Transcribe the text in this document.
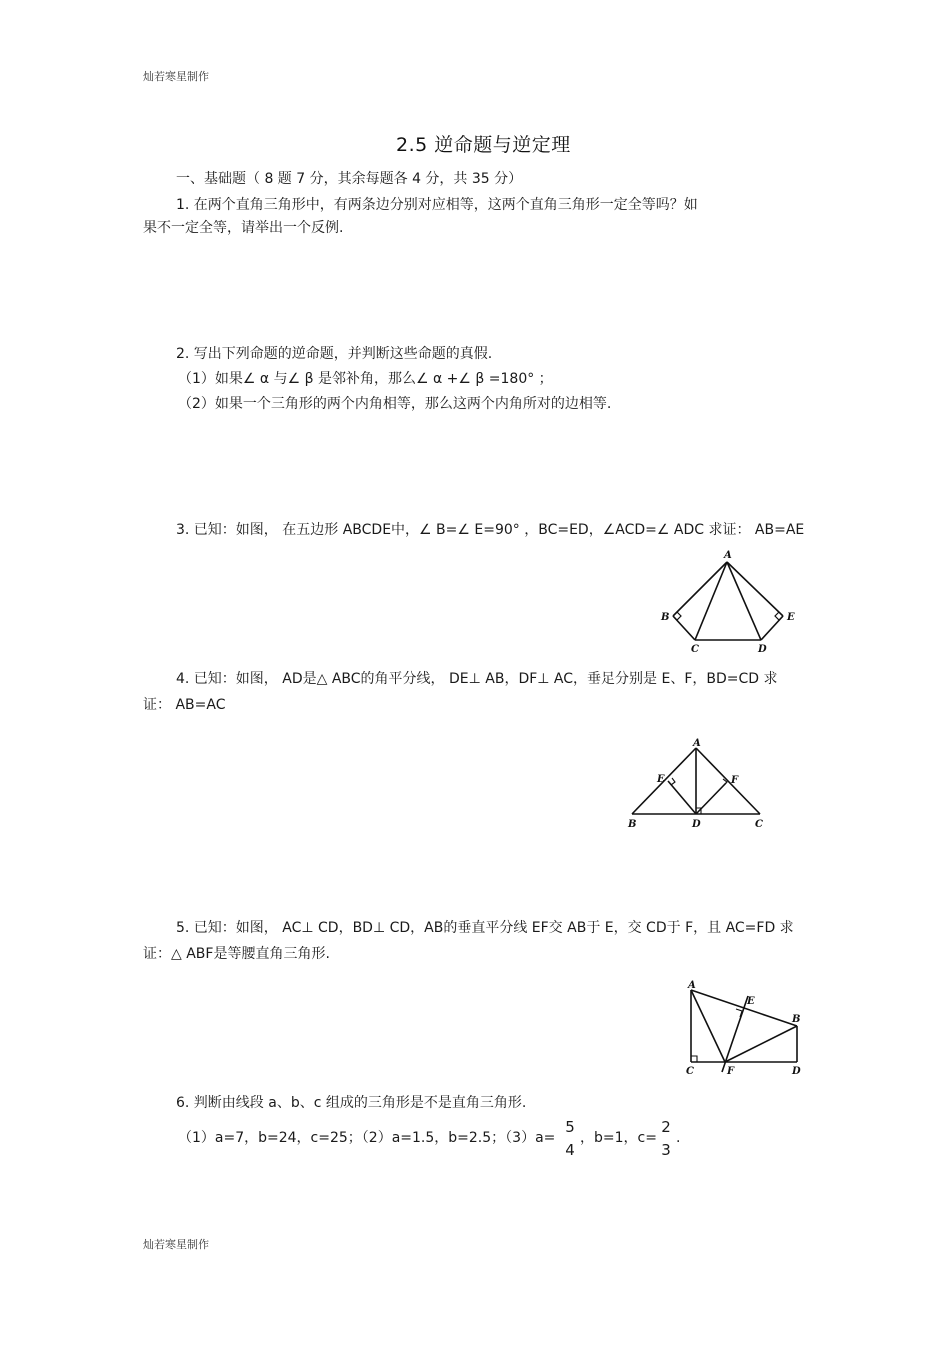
灿若寒星制作
灿若寒星制作
2.5 逆命题与逆定理
一、基础题（ 8 题 7 分，其余每题各 4 分，共 35 分）
1. 在两个直角三角形中，有两条边分别对应相等，这两个直角三角形一定全等吗？如
果不一定全等，请举出一个反例.
2. 写出下列命题的逆命题，并判断这些命题的真假.
（1）如果∠ α 与∠ β 是邻补角，那么∠ α +∠ β =180° ；
（2）如果一个三角形的两个内角相等，那么这两个内角所对的边相等.
3. 已知：如图， 在五边形 ABCDE中，∠ B=∠ E=90° ，BC=ED，∠ACD=∠ ADC 求证： AB=AE
A
B
C	D
E
4. 已知：如图， AD是△ ABC的角平分线， DE⊥ AB，DF⊥ AC，垂足分别是 E、F，BD=CD 求
证： AB=AC
A
E	F
B	D	C
5. 已知：如图， AC⊥ CD，BD⊥ CD，AB的垂直平分线 EF交 AB于 E，交 CD于 F，且 AC=FD 求
证：△ ABF是等腰直角三角形.
A
E
B
C	F	D
6. 判断由线段 a、b、c 组成的三角形是不是直角三角形.
（1）a=7，b=24，c=25；（2）a=1.5，b=2.5；（3）a=
5
4
，b=1，c=
2
3
.
